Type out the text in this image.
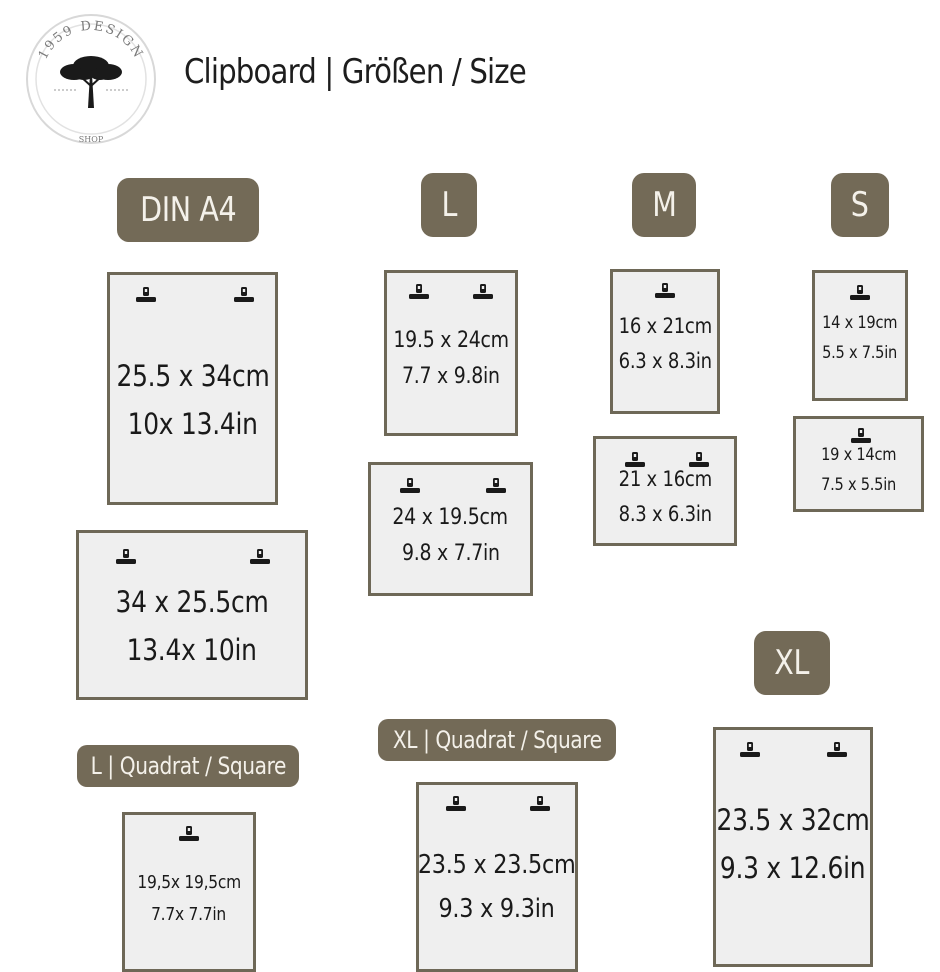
1959 DESIGN
SHOP
Clipboard | Größen / Size
DIN A4	L	M	S
XL
L | Quadrat / Square
XL | Quadrat / Square
25.5 x 34cm
10x 13.4in
34 x 25.5cm
13.4x 10in
19.5 x 24cm
7.7 x 9.8in
24 x 19.5cm
9.8 x 7.7in
16 x 21cm
6.3 x 8.3in
21 x 16cm
8.3 x 6.3in
14 x 19cm
5.5 x 7.5in
19 x 14cm
7.5 x 5.5in
23.5 x 32cm
9.3 x 12.6in
19,5x 19,5cm
7.7x 7.7in
23.5 x 23.5cm
9.3 x 9.3in
